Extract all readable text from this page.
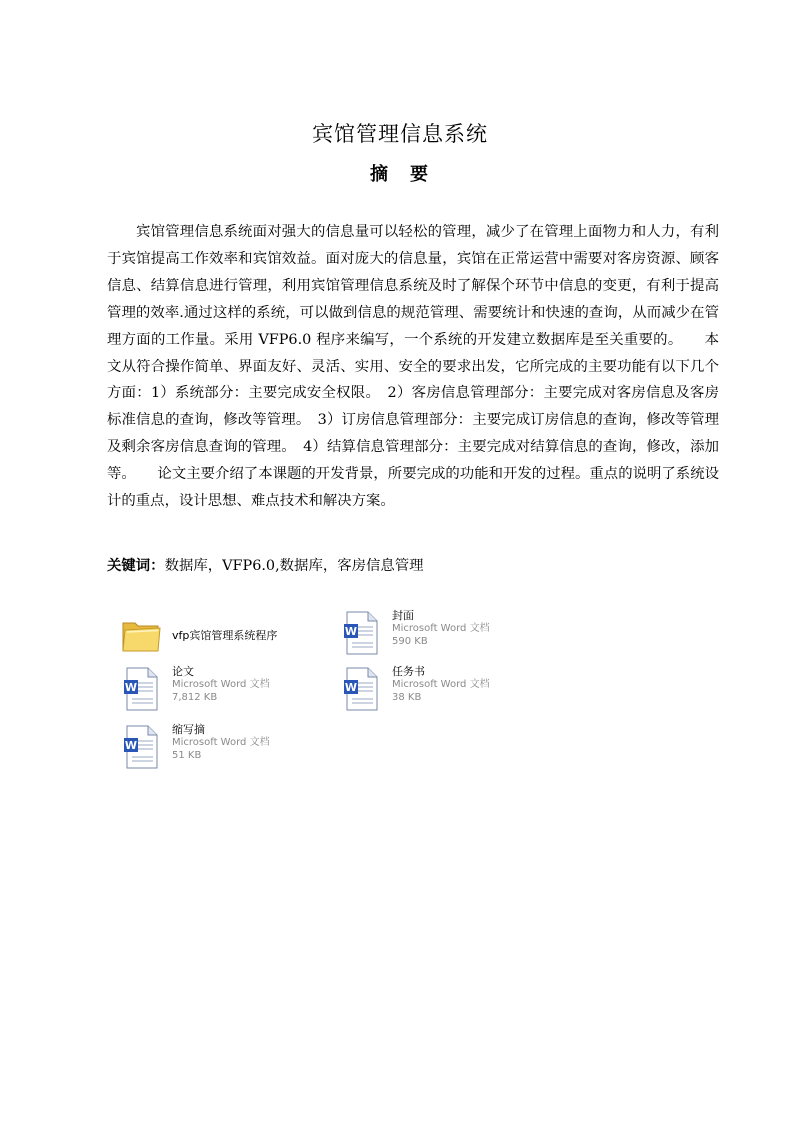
宾馆管理信息系统
摘　要

宾馆管理信息系统面对强大的信息量可以轻松的管理，减少了在管理上面物力和人力，有利于宾馆提高工作效率和宾馆效益。面对庞大的信息量，宾馆在正常运营中需要对客房资源、顾客信息、结算信息进行管理，利用宾馆管理信息系统及时了解保个环节中信息的变更，有利于提高管理的效率.通过这样的系统，可以做到信息的规范管理、需要统计和快速的查询，从而减少在管理方面的工作量。采用 VFP6.0 程序来编写，一个系统的开发建立数据库是至关重要的。　　本文从符合操作简单、界面友好、灵活、实用、安全的要求出发，它所完成的主要功能有以下几个方面：1）系统部分：主要完成安全权限。　2）客房信息管理部分：主要完成对客房信息及客房标准信息的查询，修改等管理。　3）订房信息管理部分：主要完成订房信息的查询，修改等管理及剩余客房信息查询的管理。　4）结算信息管理部分：主要完成对结算信息的查询，修改，添加等。　　论文主要介绍了本课题的开发背景，所要完成的功能和开发的过程。重点的说明了系统设计的重点，设计思想、难点技术和解决方案。

关键词：数据库，VFP6.0,数据库，客房信息管理
vfp宾馆管理系统程序	W
封面
Microsoft Word 文档
590 KB
W
论文
Microsoft Word 文档
7,812 KB
W
任务书
Microsoft Word 文档
38 KB
W
缩写摘
Microsoft Word 文档
51 KB
